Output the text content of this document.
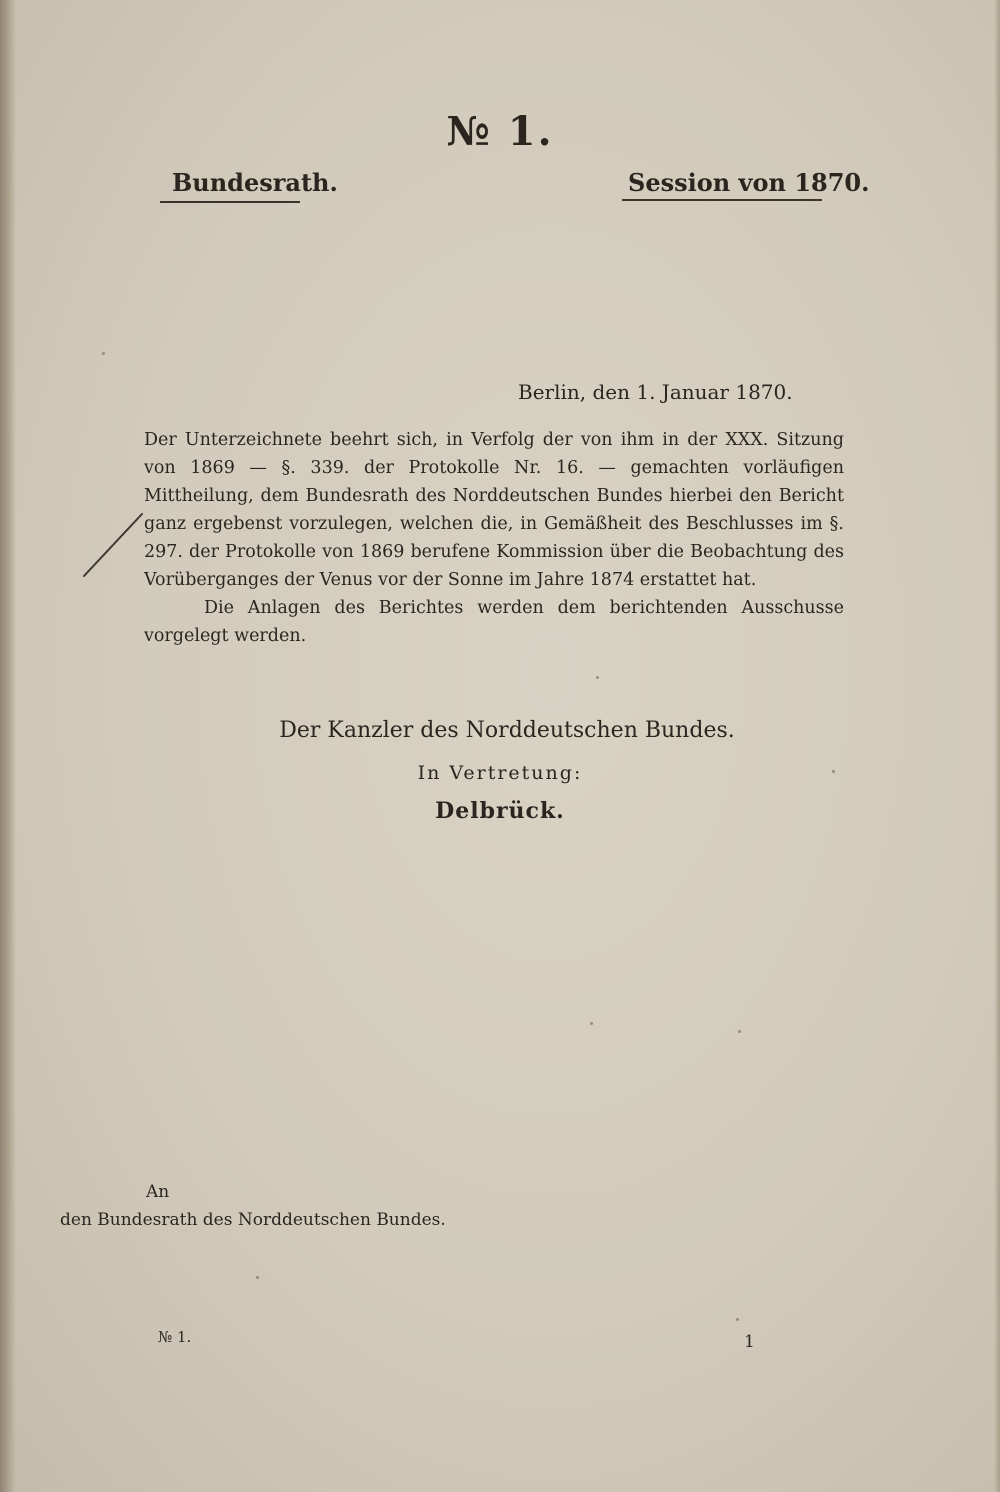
№ 1.
Bundesrath.	Session von 1870.
Berlin, den 1. Januar 1870.

Der Unterzeichnete beehrt sich, in Verfolg der von ihm in der XXX. Sitzung von 1869 — §. 339. der Protokolle Nr. 16. — gemachten vorläufigen Mittheilung, dem Bundesrath des Norddeutschen Bundes hierbei den Bericht ganz ergebenst vorzulegen, welchen die, in Gemäßheit des Beschlusses im §. 297. der Protokolle von 1869 berufene Kommission über die Beobachtung des Vorüberganges der Venus vor der Sonne im Jahre 1874 erstattet hat.

Die Anlagen des Berichtes werden dem berichtenden Ausschusse vorgelegt werden.

Der Kanzler des Norddeutschen Bundes.
In Vertretung:
Delbrück.
An
den Bundesrath des Norddeutschen Bundes.
№ 1.	1
